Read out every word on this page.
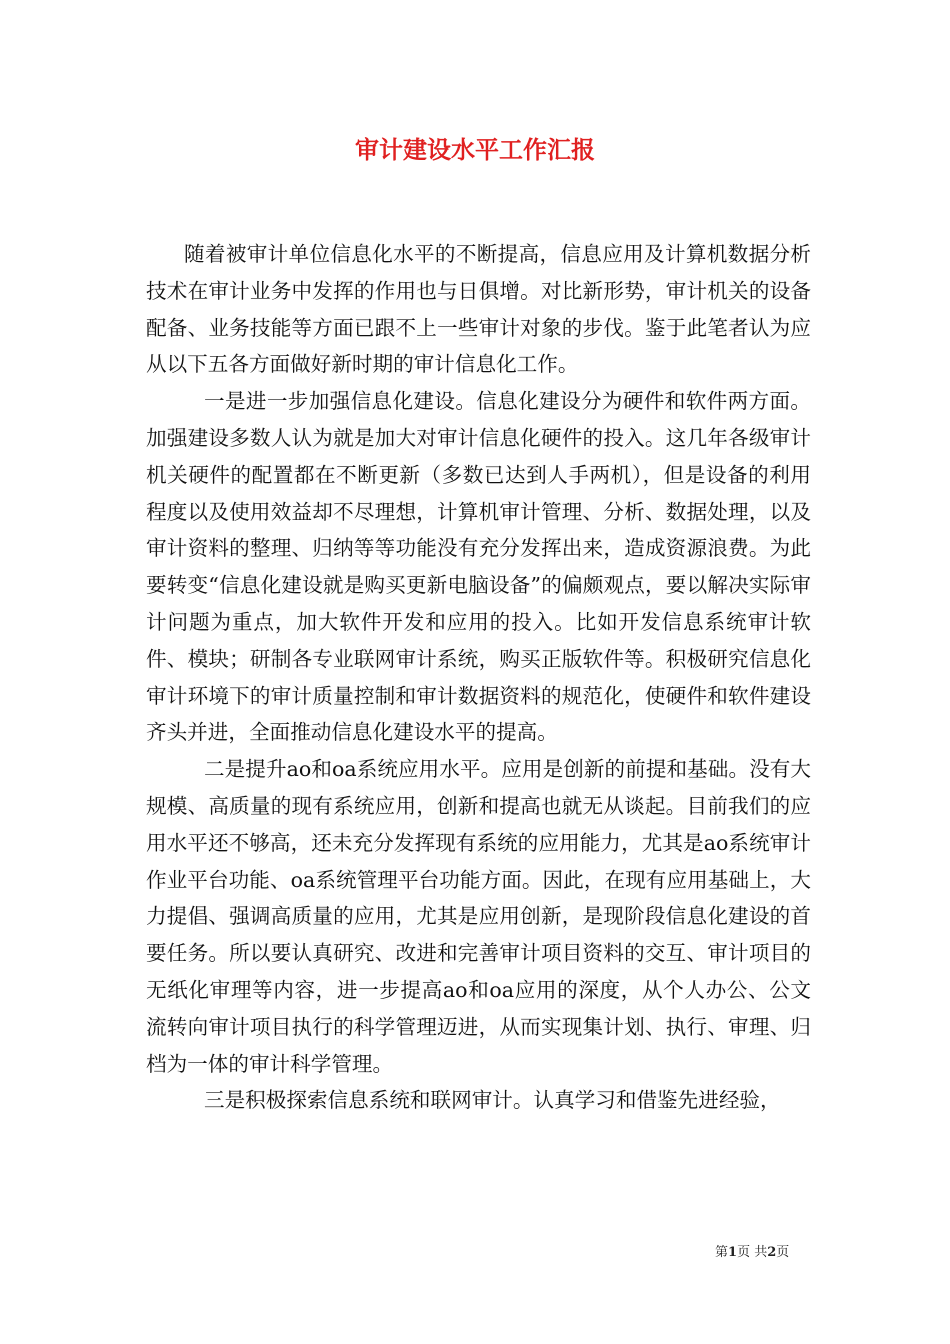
审计建设水平工作汇报

随着被审计单位信息化水平的不断提高，信息应用及计算机数据分析技术在审计业务中发挥的作用也与日俱增。对比新形势，审计机关的设备配备、业务技能等方面已跟不上一些审计对象的步伐。鉴于此笔者认为应从以下五各方面做好新时期的审计信息化工作。

一是进一步加强信息化建设。信息化建设分为硬件和软件两方面。加强建设多数人认为就是加大对审计信息化硬件的投入。这几年各级审计机关硬件的配置都在不断更新（多数已达到人手两机），但是设备的利用程度以及使用效益却不尽理想，计算机审计管理、分析、数据处理，以及审计资料的整理、归纳等等功能没有充分发挥出来，造成资源浪费。为此要转变“信息化建设就是购买更新电脑设备”的偏颇观点，要以解决实际审计问题为重点，加大软件开发和应用的投入。比如开发信息系统审计软件、模块；研制各专业联网审计系统，购买正版软件等。积极研究信息化审计环境下的审计质量控制和审计数据资料的规范化，使硬件和软件建设齐头并进，全面推动信息化建设水平的提高。

二是提升ao和oa系统应用水平。应用是创新的前提和基础。没有大规模、高质量的现有系统应用，创新和提高也就无从谈起。目前我们的应用水平还不够高，还未充分发挥现有系统的应用能力，尤其是ao系统审计作业平台功能、oa系统管理平台功能方面。因此，在现有应用基础上，大力提倡、强调高质量的应用，尤其是应用创新，是现阶段信息化建设的首要任务。所以要认真研究、改进和完善审计项目资料的交互、审计项目的无纸化审理等内容，进一步提高ao和oa应用的深度，从个人办公、公文流转向审计项目执行的科学管理迈进，从而实现集计划、执行、审理、归档为一体的审计科学管理。

三是积极探索信息系统和联网审计。认真学习和借鉴先进经验，

第1页 共2页
